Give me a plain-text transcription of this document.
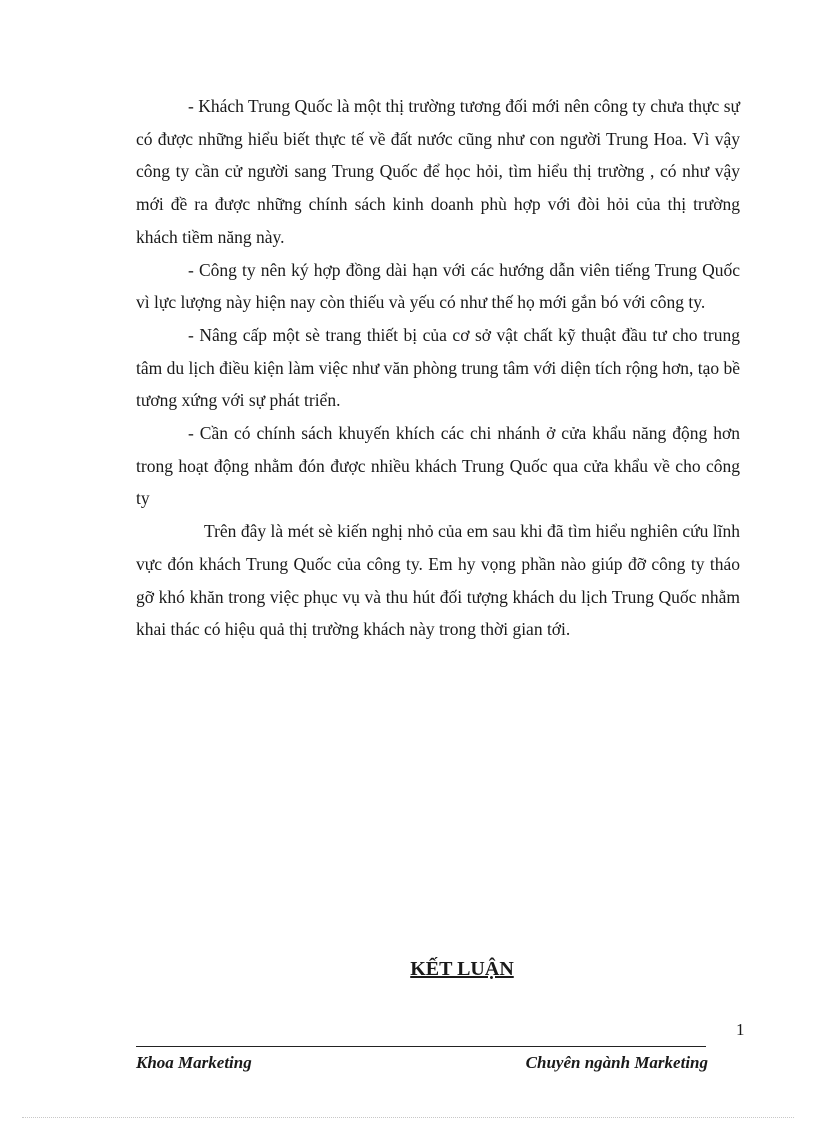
- Khách Trung Quốc là một thị trường tương đối mới nên công ty chưa thực sự có được những hiểu biết thực tế về đất nước cũng như con người Trung Hoa. Vì vậy công ty cần cử người sang Trung Quốc để học hỏi, tìm hiểu thị trường , có như vậy mới đề ra được những chính sách kinh doanh phù hợp với đòi hỏi của thị trường khách tiềm năng này.

- Công ty nên ký hợp đồng dài hạn với các hướng dẫn viên tiếng Trung Quốc vì lực lượng này hiện nay còn thiếu và yếu có như thế họ mới gắn bó với công ty.

- Nâng cấp một sè trang thiết bị của cơ sở vật chất kỹ thuật đầu tư cho trung tâm du lịch điều kiện làm việc như văn phòng trung tâm với diện tích rộng hơn, tạo bề tương xứng với sự phát triển.

- Cần có chính sách khuyến khích các chi nhánh ở cửa khẩu năng động hơn trong hoạt động nhằm đón được nhiều khách Trung Quốc qua cửa khẩu về cho công ty

Trên đây là mét sè kiến nghị nhỏ của em sau khi đã tìm hiểu nghiên cứu lĩnh vực đón khách Trung Quốc của công ty. Em hy vọng phần nào giúp đỡ công ty tháo gỡ khó khăn trong việc phục vụ và thu hút đối tượng khách du lịch Trung Quốc nhằm khai thác có hiệu quả thị trường khách này trong thời gian tới.

KẾT LUẬN
1
Khoa Marketing	Chuyên ngành Marketing
